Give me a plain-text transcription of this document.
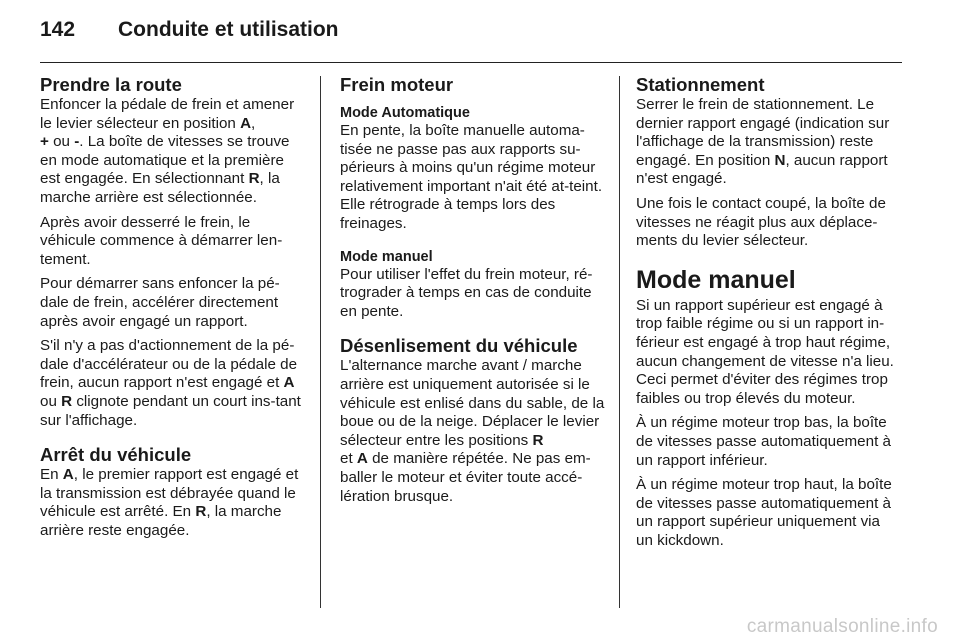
142	Conduite et utilisation
Prendre la route

Enfoncer la pédale de frein et amener le levier sélecteur en position A,
+ ou -. La boîte de vitesses se trouve en mode automatique et la première est engagée. En sélectionnant R, la marche arrière est sélectionnée.

Après avoir desserré le frein, le véhicule commence à démarrer len-tement.

Pour démarrer sans enfoncer la pé-dale de frein, accélérer directement après avoir engagé un rapport.

S'il n'y a pas d'actionnement de la pé-dale d'accélérateur ou de la pédale de frein, aucun rapport n'est engagé et A ou R clignote pendant un court ins-tant sur l'affichage.

Arrêt du véhicule

En A, le premier rapport est engagé et la transmission est débrayée quand le véhicule est arrêté. En R, la marche arrière reste engagée.

Frein moteur
Mode Automatique

En pente, la boîte manuelle automa-tisée ne passe pas aux rapports su-périeurs à moins qu'un régime moteur relativement important n'ait été at-teint. Elle rétrograde à temps lors des freinages.

Mode manuel

Pour utiliser l'effet du frein moteur, ré-trograder à temps en cas de conduite en pente.

Désenlisement du véhicule

L'alternance marche avant / marche arrière est uniquement autorisée si le véhicule est enlisé dans du sable, de la boue ou de la neige. Déplacer le levier sélecteur entre les positions R
et A de manière répétée. Ne pas em-baller le moteur et éviter toute accé-lération brusque.

Stationnement

Serrer le frein de stationnement. Le dernier rapport engagé (indication sur l'affichage de la transmission) reste engagé. En position N, aucun rapport n'est engagé.

Une fois le contact coupé, la boîte de vitesses ne réagit plus aux déplace-ments du levier sélecteur.

Mode manuel

Si un rapport supérieur est engagé à trop faible régime ou si un rapport in-férieur est engagé à trop haut régime, aucun changement de vitesse n'a lieu. Ceci permet d'éviter des régimes trop faibles ou trop élevés du moteur.

À un régime moteur trop bas, la boîte de vitesses passe automatiquement à un rapport inférieur.

À un régime moteur trop haut, la boîte de vitesses passe automatiquement à un rapport supérieur uniquement via un kickdown.

carmanualsonline.info
